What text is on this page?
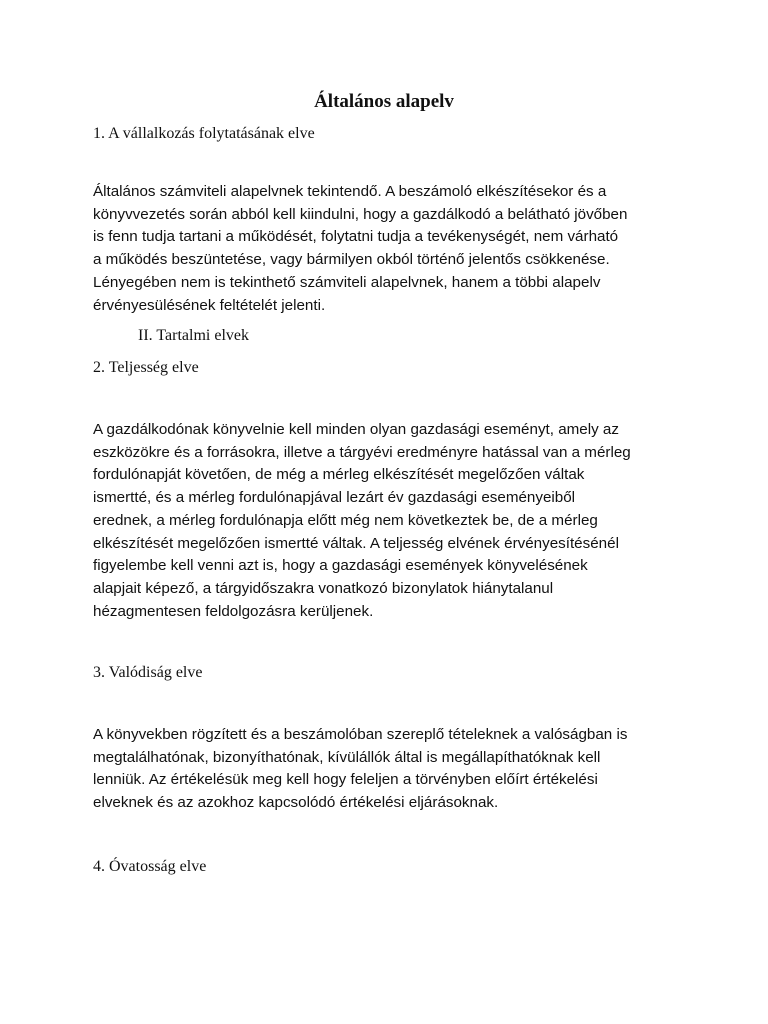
Általános alapelv
1. A vállalkozás folytatásának elve
Általános számviteli alapelvnek tekintendő. A beszámoló elkészítésekor és a
könyvvezetés során abból kell kiindulni, hogy a gazdálkodó a belátható jövőben
is fenn tudja tartani a működését, folytatni tudja a tevékenységét, nem várható
a működés beszüntetése, vagy bármilyen okból történő jelentős csökkenése.
Lényegében nem is tekinthető számviteli alapelvnek, hanem a többi alapelv
érvényesülésének feltételét jelenti.
II. Tartalmi elvek
2. Teljesség elve
A gazdálkodónak könyvelnie kell minden olyan gazdasági eseményt, amely az
eszközökre és a forrásokra, illetve a tárgyévi eredményre hatással van a mérleg
fordulónapját követően, de még a mérleg elkészítését megelőzően váltak
ismertté, és a mérleg fordulónapjával lezárt év gazdasági eseményeiből
erednek, a mérleg fordulónapja előtt még nem következtek be, de a mérleg
elkészítését megelőzően ismertté váltak. A teljesség elvének érvényesítésénél
figyelembe kell venni azt is, hogy a gazdasági események könyvelésének
alapjait képező, a tárgyidőszakra vonatkozó bizonylatok hiánytalanul
hézagmentesen feldolgozásra kerüljenek.
3. Valódiság elve
A könyvekben rögzített és a beszámolóban szereplő tételeknek a valóságban is
megtalálhatónak, bizonyíthatónak, kívülállók által is megállapíthatóknak kell
lenniük. Az értékelésük meg kell hogy feleljen a törvényben előírt értékelési
elveknek és az azokhoz kapcsolódó értékelési eljárásoknak.
4. Óvatosság elve
